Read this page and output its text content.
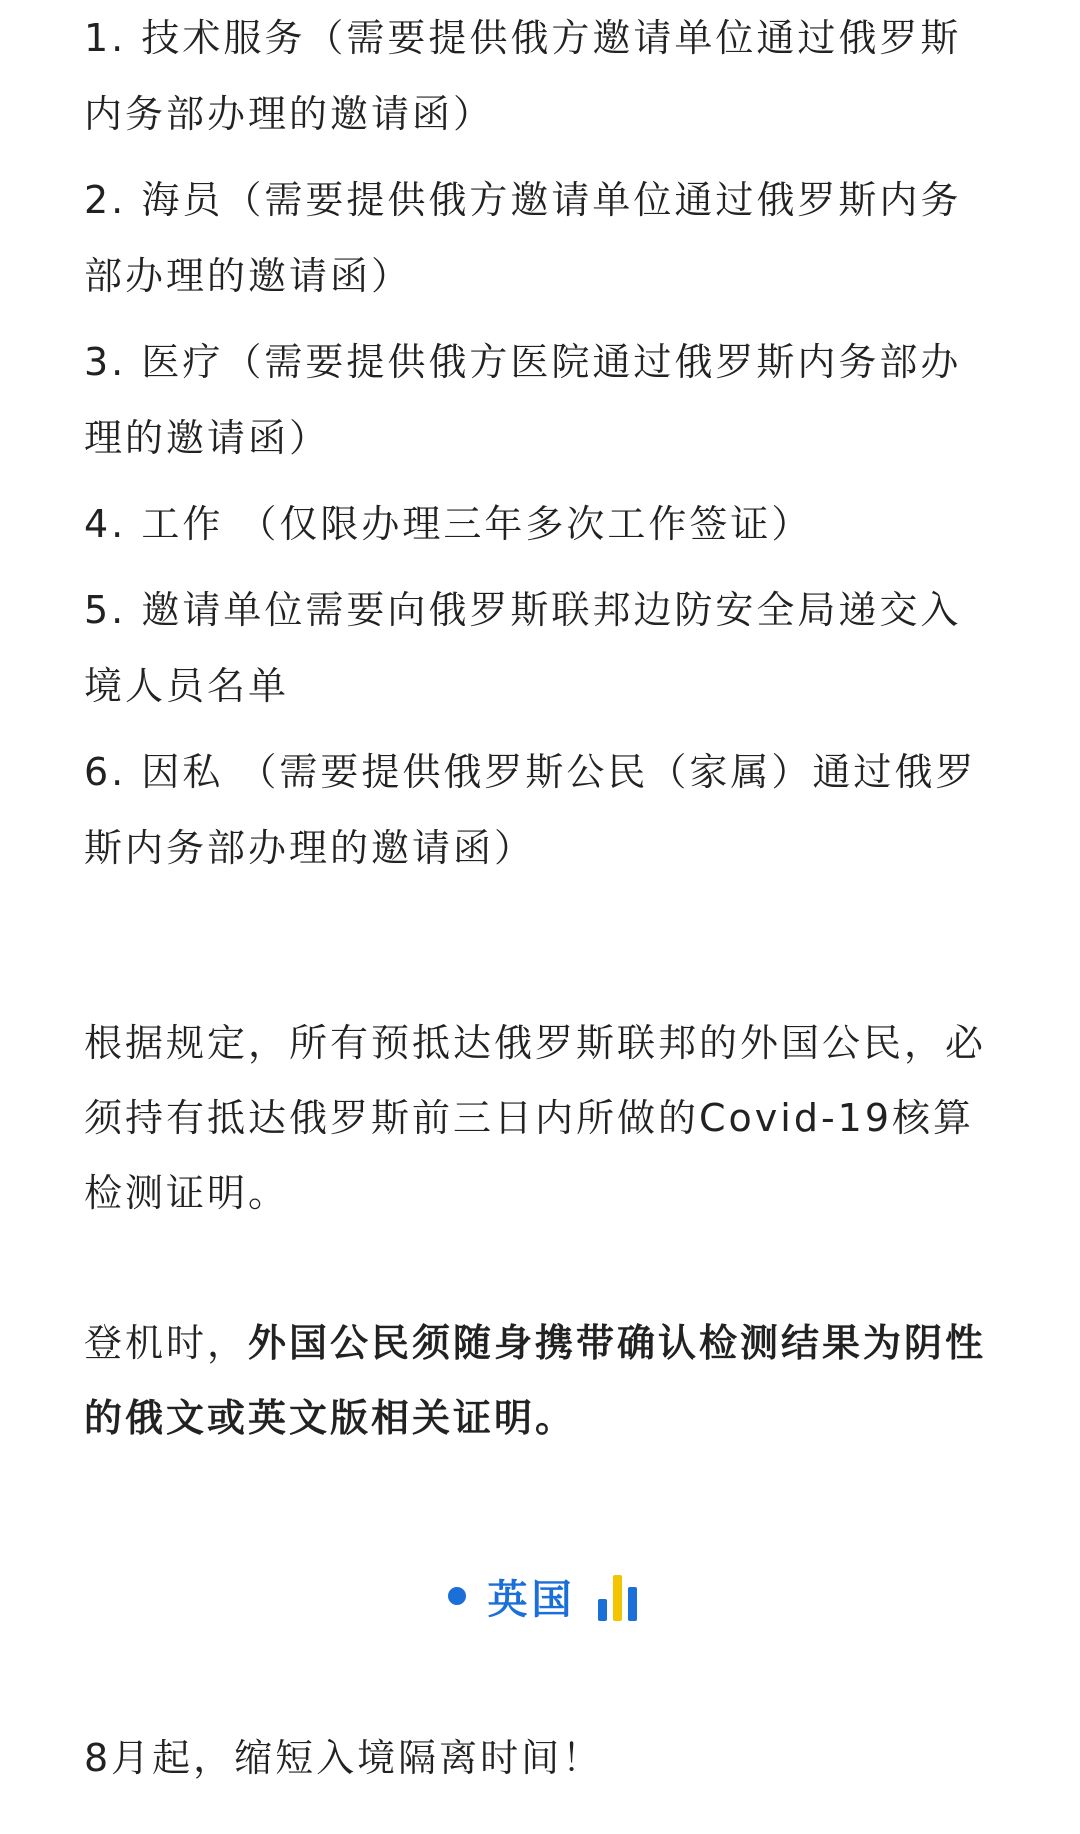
1. 技术服务（需要提供俄方邀请单位通过俄罗斯内务部办理的邀请函）

2. 海员（需要提供俄方邀请单位通过俄罗斯内务部办理的邀请函）

3. 医疗（需要提供俄方医院通过俄罗斯内务部办理的邀请函）

4. 工作 （仅限办理三年多次工作签证）

5. 邀请单位需要向俄罗斯联邦边防安全局递交入境人员名单

6. 因私 （需要提供俄罗斯公民（家属）通过俄罗斯内务部办理的邀请函）

根据规定，所有预抵达俄罗斯联邦的外国公民，必须持有抵达俄罗斯前三日内所做的Covid-19核算检测证明。

登机时，外国公民须随身携带确认检测结果为阴性的俄文或英文版相关证明。

英国

8月起，缩短入境隔离时间！
